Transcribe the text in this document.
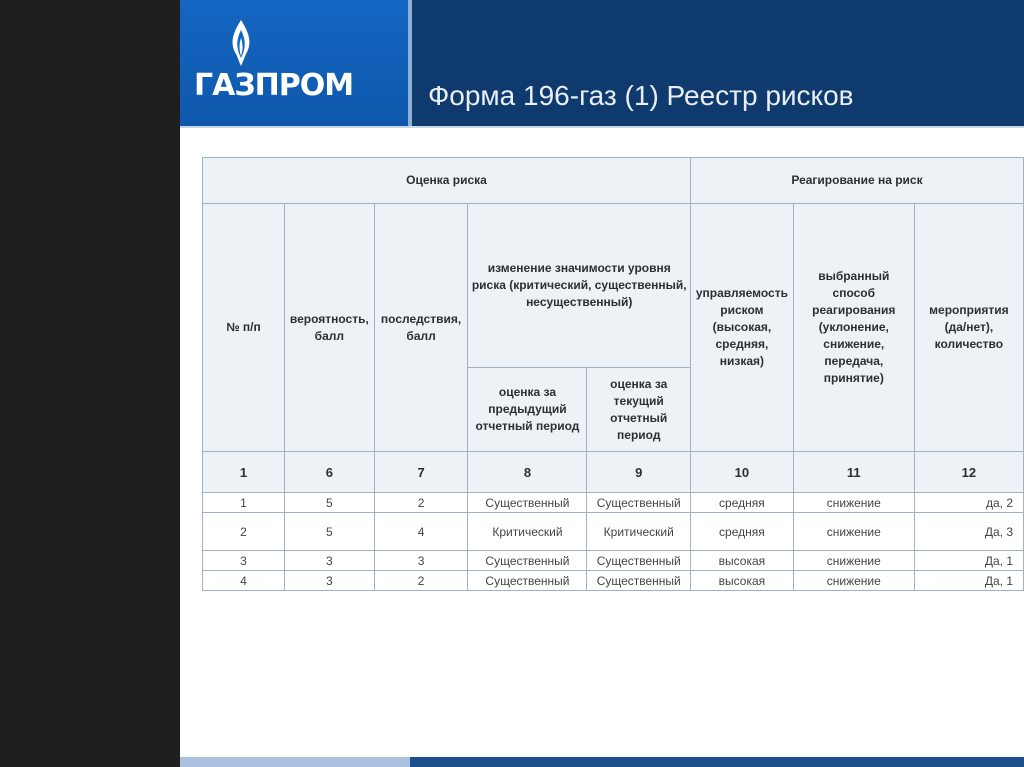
ГАЗПРОМ	Форма 196-газ (1) Реестр рисков
Оценка риска					Реагирование на риск		
№ п/п	вероятность, балл	последствия, балл	изменение значимости уровня риска (критический, существенный, несущественный)		управляемость риском (высокая, средняя, низкая)	выбранный способ реагирования (уклонение, снижение, передача, принятие)	мероприятия (да/нет), количество
			оценка за предыдущий отчетный период	оценка за текущий отчетный период			
1	6	7	8	9	10	11	12
1	5	2	Существенный	Существенный	средняя	снижение	да, 2
2	5	4	Критический	Критический	средняя	снижение	Да, 3
3	3	3	Существенный	Существенный	высокая	снижение	Да, 1
4	3	2	Существенный	Существенный	высокая	снижение	Да, 1
